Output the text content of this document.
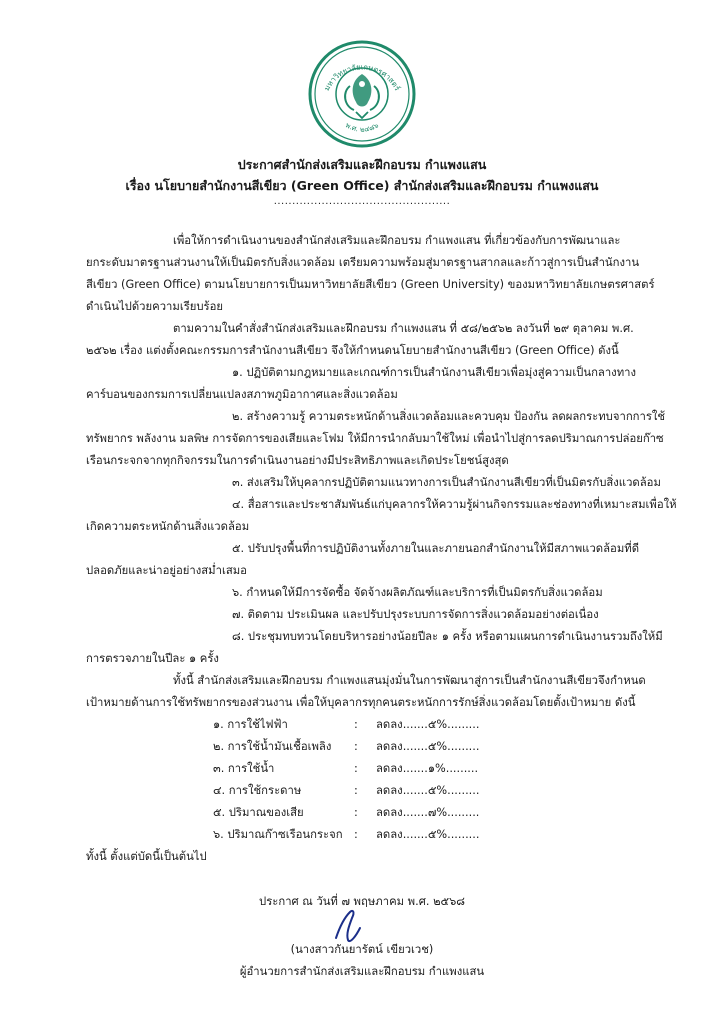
มหาวิทยาลัยเกษตรศาสตร์
พ.ศ. ๒๔๘๖
ประกาศสำนักส่งเสริมและฝึกอบรม กำแพงแสน
เรื่อง นโยบายสำนักงานสีเขียว (Green Office) สำนักส่งเสริมและฝึกอบรม กำแพงแสน
................................................
เพื่อให้การดำเนินงานของสำนักส่งเสริมและฝึกอบรม กำแพงแสน ที่เกี่ยวข้องกับการพัฒนาและ
ยกระดับมาตรฐานส่วนงานให้เป็นมิตรกับสิ่งแวดล้อม เตรียมความพร้อมสู่มาตรฐานสากลและก้าวสู่การเป็นสำนักงาน
สีเขียว (Green Office) ตามนโยบายการเป็นมหาวิทยาลัยสีเขียว (Green University) ของมหาวิทยาลัยเกษตรศาสตร์
ดำเนินไปด้วยความเรียบร้อย
ตามความในคำสั่งสำนักส่งเสริมและฝึกอบรม กำแพงแสน ที่ ๕๘/๒๕๖๒ ลงวันที่ ๒๙ ตุลาคม พ.ศ.
๒๕๖๒ เรื่อง แต่งตั้งคณะกรรมการสำนักงานสีเขียว จึงให้กำหนดนโยบายสำนักงานสีเขียว (Green Office) ดังนี้
๑. ปฏิบัติตามกฎหมายและเกณฑ์การเป็นสำนักงานสีเขียวเพื่อมุ่งสู่ความเป็นกลางทาง
คาร์บอนของกรมการเปลี่ยนแปลงสภาพภูมิอากาศและสิ่งแวดล้อม
๒. สร้างความรู้ ความตระหนักด้านสิ่งแวดล้อมและควบคุม ป้องกัน ลดผลกระทบจากการใช้
ทรัพยากร พลังงาน มลพิษ การจัดการของเสียและโฟม ให้มีการนำกลับมาใช้ใหม่ เพื่อนำไปสู่การลดปริมาณการปล่อยก๊าซ
เรือนกระจกจากทุกกิจกรรมในการดำเนินงานอย่างมีประสิทธิภาพและเกิดประโยชน์สูงสุด
๓. ส่งเสริมให้บุคลากรปฏิบัติตามแนวทางการเป็นสำนักงานสีเขียวที่เป็นมิตรกับสิ่งแวดล้อม
๔. สื่อสารและประชาสัมพันธ์แก่บุคลากรให้ความรู้ผ่านกิจกรรมและช่องทางที่เหมาะสมเพื่อให้
เกิดความตระหนักด้านสิ่งแวดล้อม
๕. ปรับปรุงพื้นที่การปฏิบัติงานทั้งภายในและภายนอกสำนักงานให้มีสภาพแวดล้อมที่ดี
ปลอดภัยและน่าอยู่อย่างสม่ำเสมอ
๖. กำหนดให้มีการจัดซื้อ จัดจ้างผลิตภัณฑ์และบริการที่เป็นมิตรกับสิ่งแวดล้อม
๗. ติดตาม ประเมินผล และปรับปรุงระบบการจัดการสิ่งแวดล้อมอย่างต่อเนื่อง
๘. ประชุมทบทวนโดยบริหารอย่างน้อยปีละ ๑ ครั้ง หรือตามแผนการดำเนินงานรวมถึงให้มี
การตรวจภายในปีละ ๑ ครั้ง
ทั้งนี้ สำนักส่งเสริมและฝึกอบรม กำแพงแสนมุ่งมั่นในการพัฒนาสู่การเป็นสำนักงานสีเขียวจึงกำหนด
เป้าหมายด้านการใช้ทรัพยากรของส่วนงาน เพื่อให้บุคลากรทุกคนตระหนักการรักษ์สิ่งแวดล้อมโดยตั้งเป้าหมาย ดังนี้
๑. การใช้ไฟฟ้า	: ลดลง.......๕%.........
๒. การใช้น้ำมันเชื้อเพลิง : ลดลง.......๕%.........
๓. การใช้น้ำ	: ลดลง.......๑%.........
๔. การใช้กระดาษ	: ลดลง.......๕%.........
๕. ปริมาณของเสีย	: ลดลง.......๗%.........
๖. ปริมาณก๊าซเรือนกระจก : ลดลง.......๕%.........
ทั้งนี้ ตั้งแต่บัดนี้เป็นต้นไป
ประกาศ ณ วันที่ ๗ พฤษภาคม พ.ศ. ๒๕๖๘
(นางสาวกันยารัตน์ เขียวเวช)
ผู้อำนวยการสำนักส่งเสริมและฝึกอบรม กำแพงแสน
